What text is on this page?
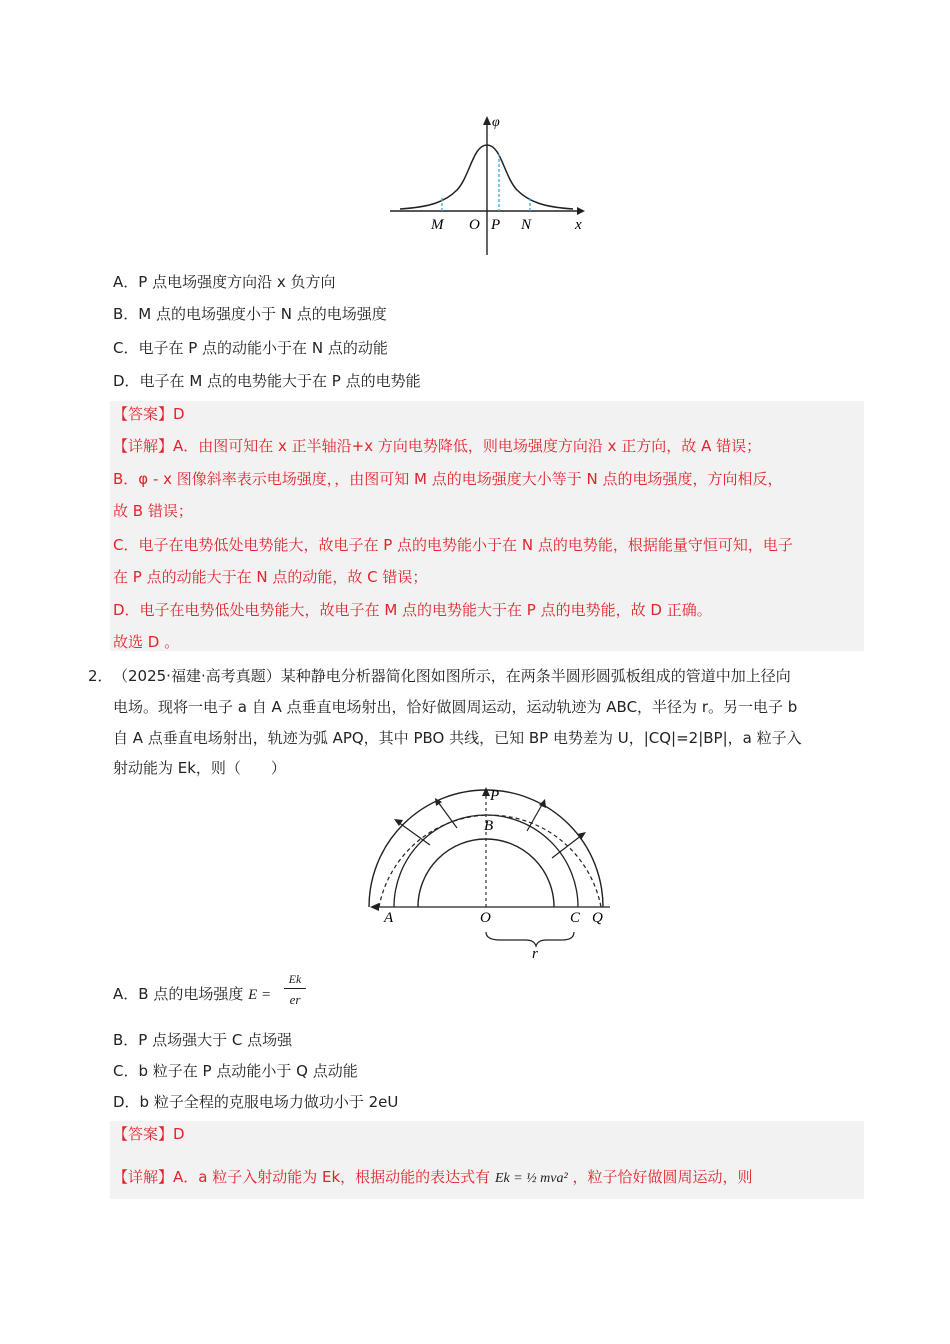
φ
M O P N	x
A．P 点电场强度方向沿 x 负方向
B．M 点的电场强度小于 N 点的电场强度
C．电子在 P 点的动能小于在 N 点的动能
D．电子在 M 点的电势能大于在 P 点的电势能
【答案】D
【详解】A．由图可知在 x 正半轴沿+x 方向电势降低，则电场强度方向沿 x 正方向，故 A 错误；
B．φ - x 图像斜率表示电场强度，，由图可知 M 点的电场强度大小等于 N 点的电场强度，方向相反，
故 B 错误；
C．电子在电势低处电势能大，故电子在 P 点的电势能小于在 N 点的电势能，根据能量守恒可知，电子
在 P 点的动能大于在 N 点的动能，故 C 错误；
D．电子在电势低处电势能大，故电子在 M 点的电势能大于在 P 点的电势能，故 D 正确。
故选 D 。
2． （2025·福建·高考真题）某种静电分析器简化图如图所示，在两条半圆形圆弧板组成的管道中加上径向
电场。现将一电子 a 自 A 点垂直电场射出，恰好做圆周运动，运动轨迹为 ABC，半径为 r。另一电子 b
自 A 点垂直电场射出，轨迹为弧 APQ，其中 PBO 共线，已知 BP 电势差为 U，|CQ|=2|BP|，a 粒子入
射动能为 Ek，则（　　）
P
B
A	O	C Q
r
A．B 点的电场强度 E =
Ek
er
B．P 点场强大于 C 点场强
C．b 粒子在 P 点动能小于 Q 点动能
D．b 粒子全程的克服电场力做功小于 2eU
【答案】D
【详解】A．a 粒子入射动能为 Ek，根据动能的表达式有 Ek = ½ mva² ，粒子恰好做圆周运动，则
